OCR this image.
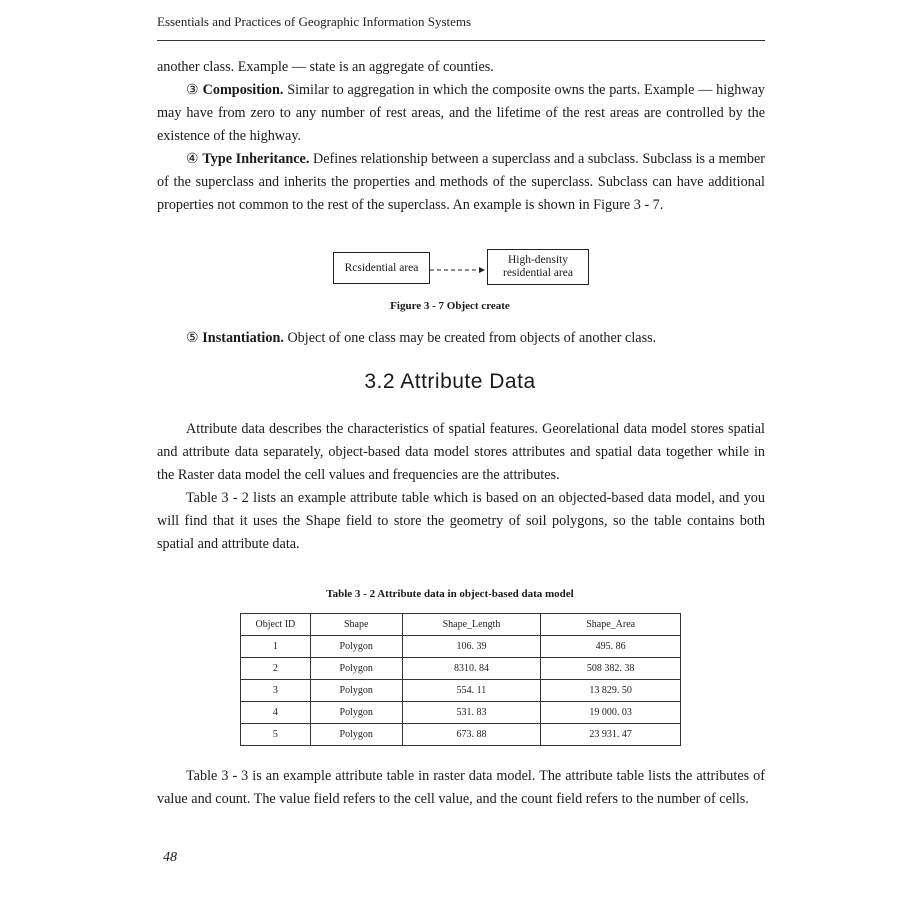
Essentials and Practices of Geographic Information Systems

another class. Example — state is an aggregate of counties.

③ Composition. Similar to aggregation in which the composite owns the parts. Example — highway may have from zero to any number of rest areas, and the lifetime of the rest areas are controlled by the existence of the highway.

④ Type Inheritance. Defines relationship between a superclass and a subclass. Subclass is a member of the superclass and inherits the properties and methods of the superclass. Subclass can have additional properties not common to the rest of the superclass. An example is shown in Figure 3 - 7.

Rcsidential area
High-density residential area
Figure 3 - 7 Object create

⑤ Instantiation. Object of one class may be created from objects of another class.

3.2 Attribute Data

Attribute data describes the characteristics of spatial features. Georelational data model stores spatial and attribute data separately, object-based data model stores attributes and spatial data together while in the Raster data model the cell values and frequencies are the attributes.

Table 3 - 2 lists an example attribute table which is based on an objected-based data model, and you will find that it uses the Shape field to store the geometry of soil polygons, so the table contains both spatial and attribute data.

Table 3 - 2 Attribute data in object-based data model
Object ID	Shape	Shape_Length	Shape_Area
1	Polygon	106. 39	495. 86
2	Polygon	8310. 84	508 382. 38
3	Polygon	554. 11	13 829. 50
4	Polygon	531. 83	19 000. 03
5	Polygon	673. 88	23 931. 47

Table 3 - 3 is an example attribute table in raster data model. The attribute table lists the attributes of value and count. The value field refers to the cell value, and the count field refers to the number of cells.

48
